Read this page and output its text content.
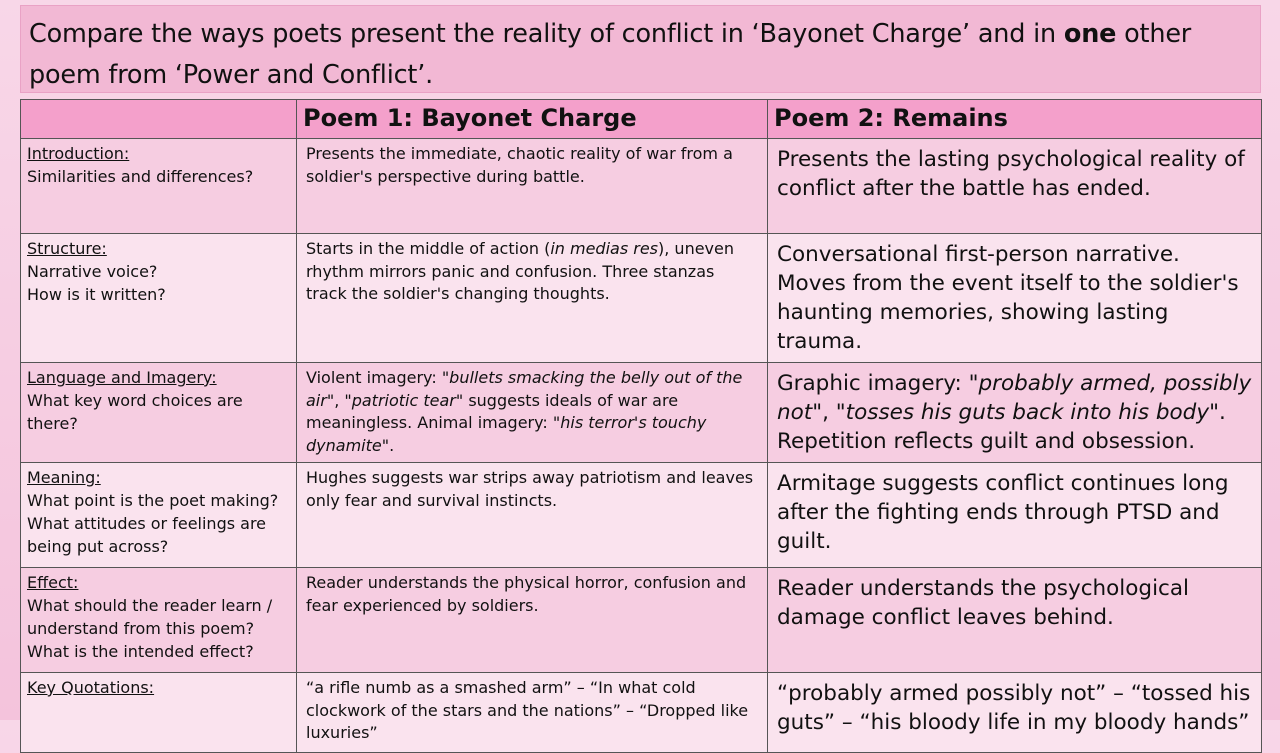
Compare the ways poets present the reality of conflict in ‘Bayonet Charge’ and in one other poem from ‘Power and Conflict’.
	Poem 1: Bayonet Charge	Poem 2: Remains

Introduction:
Similarities and differences?	Presents the immediate, chaotic reality of war from a soldier's perspective during battle.	Presents the lasting psychological reality of conflict after the battle has ended.

Structure:
Narrative voice?
How is it written?	Starts in the middle of action (in medias res), uneven rhythm mirrors panic and confusion. Three stanzas track the soldier's changing thoughts.	Conversational first-person narrative. Moves from the event itself to the soldier's haunting memories, showing lasting trauma.

Language and Imagery:
What key word choices are there?	Violent imagery: "bullets smacking the belly out of the air", "patriotic tear" suggests ideals of war are meaningless. Animal imagery: "his terror's touchy dynamite".	Graphic imagery: "probably armed, possibly not", "tosses his guts back into his body". Repetition reflects guilt and obsession.

Meaning:
What point is the poet making?
What attitudes or feelings are being put across?	Hughes suggests war strips away patriotism and leaves only fear and survival instincts.	Armitage suggests conflict continues long after the fighting ends through PTSD and guilt.

Effect:
What should the reader learn / understand from this poem?
What is the intended effect?	Reader understands the physical horror, confusion and fear experienced by soldiers.	Reader understands the psychological damage conflict leaves behind.

Key Quotations:	“a rifle numb as a smashed arm” – “In what cold clockwork of the stars and the nations” – “Dropped like luxuries”	“probably armed possibly not” – “tossed his guts” – “his bloody life in my bloody hands”
